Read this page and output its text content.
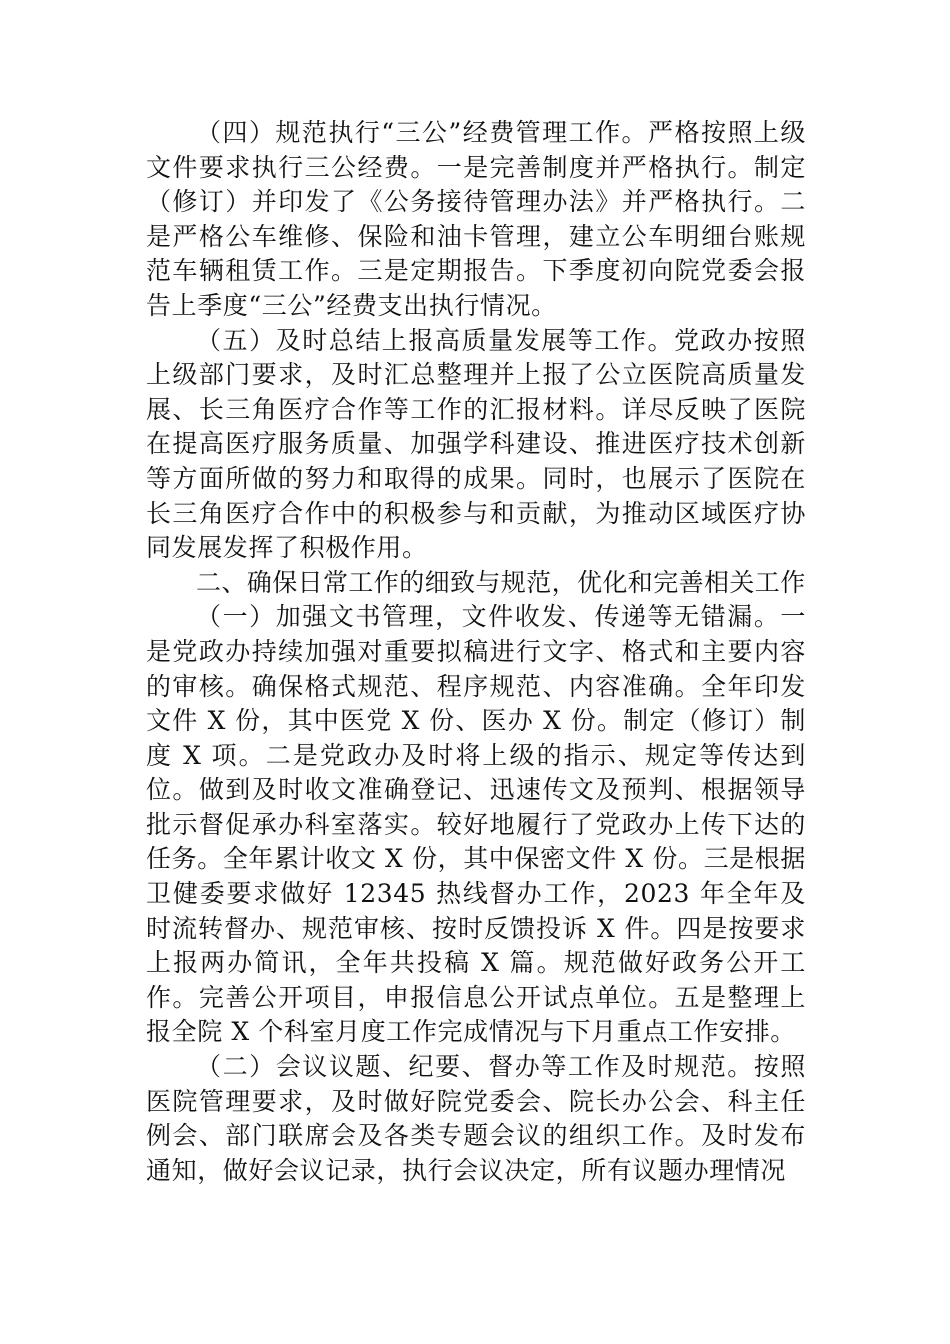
（四）规范执行“三公”经费管理工作。严格按照上级文件要求执行三公经费。一是完善制度并严格执行。制定（修订）并印发了《公务接待管理办法》并严格执行。二是严格公车维修、保险和油卡管理，建立公车明细台账规范车辆租赁工作。三是定期报告。下季度初向院党委会报告上季度“三公”经费支出执行情况。

（五）及时总结上报高质量发展等工作。党政办按照上级部门要求，及时汇总整理并上报了公立医院高质量发展、长三角医疗合作等工作的汇报材料。详尽反映了医院在提高医疗服务质量、加强学科建设、推进医疗技术创新等方面所做的努力和取得的成果。同时，也展示了医院在长三角医疗合作中的积极参与和贡献，为推动区域医疗协同发展发挥了积极作用。

二、确保日常工作的细致与规范，优化和完善相关工作

（一）加强文书管理，文件收发、传递等无错漏。一是党政办持续加强对重要拟稿进行文字、格式和主要内容的审核。确保格式规范、程序规范、内容准确。全年印发文件 X 份，其中医党 X 份、医办 X 份。制定（修订）制度 X 项。二是党政办及时将上级的指示、规定等传达到位。做到及时收文准确登记、迅速传文及预判、根据领导批示督促承办科室落实。较好地履行了党政办上传下达的任务。全年累计收文 X 份，其中保密文件 X 份。三是根据卫健委要求做好 12345 热线督办工作，2023 年全年及时流转督办、规范审核、按时反馈投诉 X 件。四是按要求上报两办简讯，全年共投稿 X 篇。规范做好政务公开工作。完善公开项目，申报信息公开试点单位。五是整理上报全院 X 个科室月度工作完成情况与下月重点工作安排。

（二）会议议题、纪要、督办等工作及时规范。按照医院管理要求，及时做好院党委会、院长办公会、科主任例会、部门联席会及各类专题会议的组织工作。及时发布通知，做好会议记录，执行会议决定，所有议题办理情况
